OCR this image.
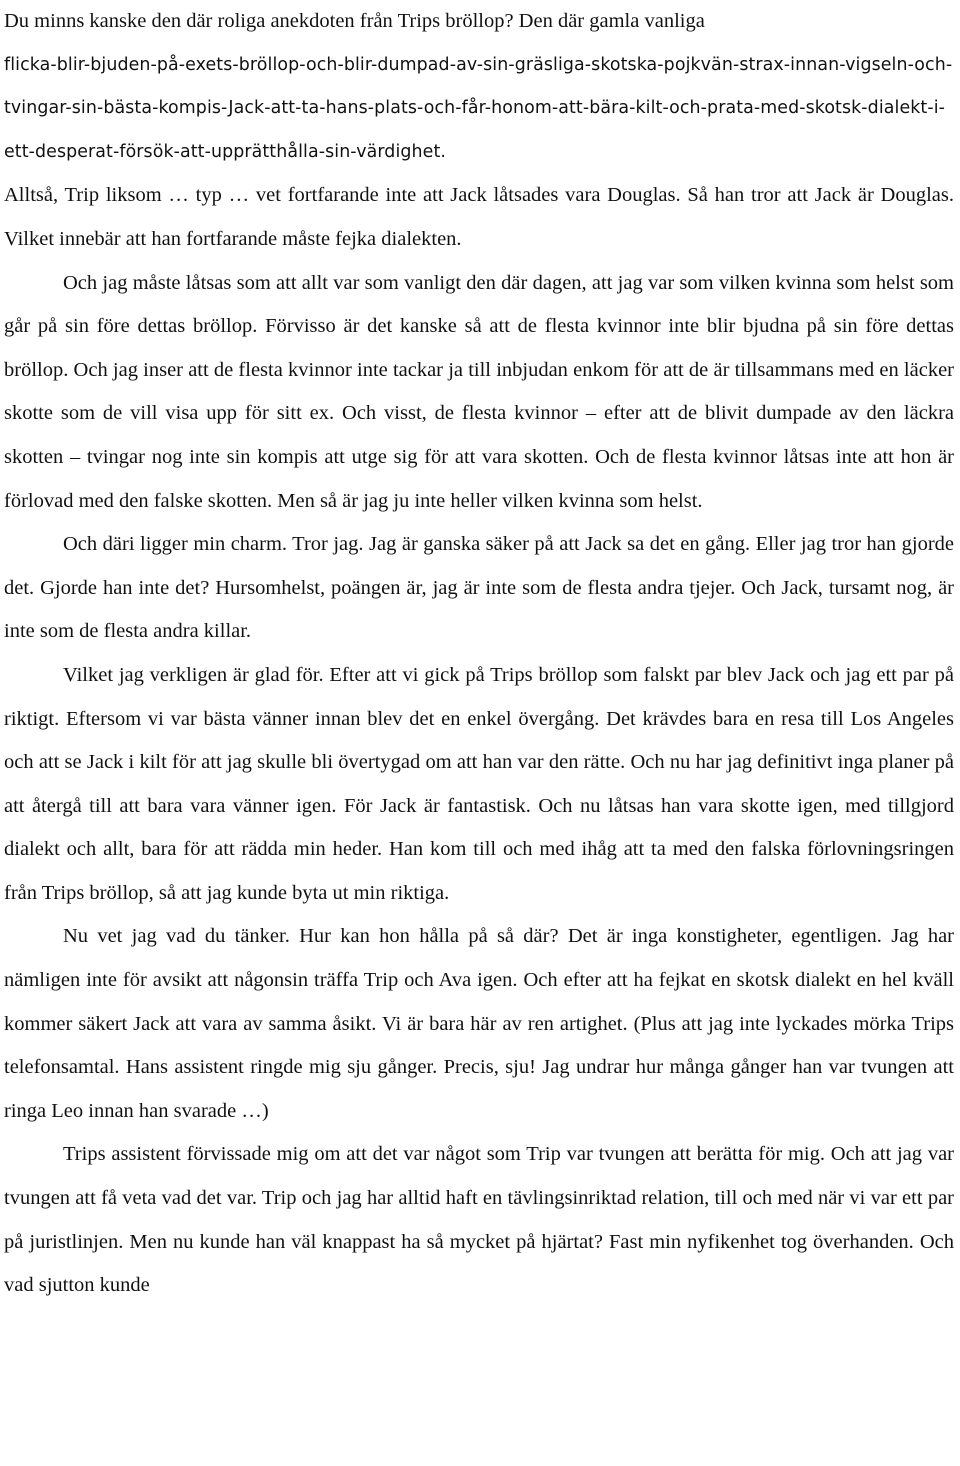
Du minns kanske den där roliga anekdoten från Trips bröllop? Den där gamla vanliga
flicka-blir-bjuden-på-exets-bröllop-och-blir-dumpad-av-sin-gräsliga-skotska-pojkvän-strax-innan-vigseln-och-tvingar-sin-bästa-kompis-Jack-att-ta-hans-plats-och-får-honom-att-bära-kilt-och-prata-med-skotsk-dialekt-i-ett-desperat-försök-att-upprätthålla-sin-värdighet.
Alltså, Trip liksom … typ … vet fortfarande inte att Jack låtsades vara Douglas. Så han tror att Jack är Douglas. Vilket innebär att han fortfarande måste fejka dialekten.

Och jag måste låtsas som att allt var som vanligt den där dagen, att jag var som vilken kvinna som helst som går på sin före dettas bröllop. Förvisso är det kanske så att de flesta kvinnor inte blir bjudna på sin före dettas bröllop. Och jag inser att de flesta kvinnor inte tackar ja till inbjudan enkom för att de är tillsammans med en läcker skotte som de vill visa upp för sitt ex. Och visst, de flesta kvinnor – efter att de blivit dumpade av den läckra skotten – tvingar nog inte sin kompis att utge sig för att vara skotten. Och de flesta kvinnor låtsas inte att hon är förlovad med den falske skotten. Men så är jag ju inte heller vilken kvinna som helst.

Och däri ligger min charm. Tror jag. Jag är ganska säker på att Jack sa det en gång. Eller jag tror han gjorde det. Gjorde han inte det? Hursomhelst, poängen är, jag är inte som de flesta andra tjejer. Och Jack, tursamt nog, är inte som de flesta andra killar.

Vilket jag verkligen är glad för. Efter att vi gick på Trips bröllop som falskt par blev Jack och jag ett par på riktigt. Eftersom vi var bästa vänner innan blev det en enkel övergång. Det krävdes bara en resa till Los Angeles och att se Jack i kilt för att jag skulle bli övertygad om att han var den rätte. Och nu har jag definitivt inga planer på att återgå till att bara vara vänner igen. För Jack är fantastisk. Och nu låtsas han vara skotte igen, med tillgjord dialekt och allt, bara för att rädda min heder. Han kom till och med ihåg att ta med den falska förlovningsringen från Trips bröllop, så att jag kunde byta ut min riktiga.

Nu vet jag vad du tänker. Hur kan hon hålla på så där? Det är inga konstigheter, egentligen. Jag har nämligen inte för avsikt att någonsin träffa Trip och Ava igen. Och efter att ha fejkat en skotsk dialekt en hel kväll kommer säkert Jack att vara av samma åsikt. Vi är bara här av ren artighet. (Plus att jag inte lyckades mörka Trips telefonsamtal. Hans assistent ringde mig sju gånger. Precis, sju! Jag undrar hur många gånger han var tvungen att ringa Leo innan han svarade …)

Trips assistent förvissade mig om att det var något som Trip var tvungen att berätta för mig. Och att jag var tvungen att få veta vad det var. Trip och jag har alltid haft en tävlingsinriktad relation, till och med när vi var ett par på juristlinjen. Men nu kunde han väl knappast ha så mycket på hjärtat? Fast min nyfikenhet tog överhanden. Och vad sjutton kunde
